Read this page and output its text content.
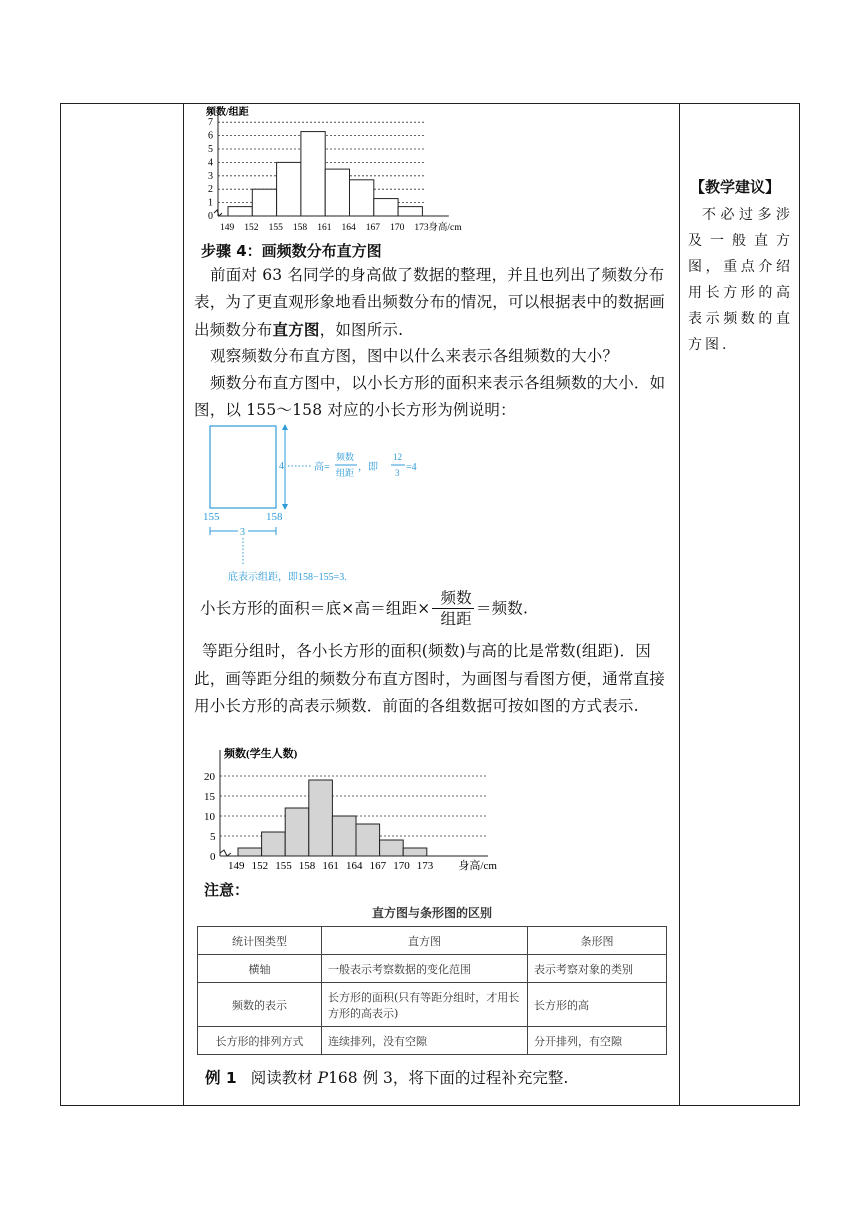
频数/组距
0
1
2
3
4
5
6
7
149 152 155 158 161 164 167 170 173 身高/cm
步骤 4：画频数分布直方图
前面对 63 名同学的身高做了数据的整理，并且也列出了频数分布表，为了更直观形象地看出频数分布的情况，可以根据表中的数据画出频数分布直方图，如图所示.
观察频数分布直方图，图中以什么来表示各组频数的大小？
频数分布直方图中，以小长方形的面积来表示各组频数的大小．如图，以 155～158 对应的小长方形为例说明：
4	高=
频数
组距 ，即
12
3 =4
155	158
3
底表示组距，即158−155=3.
小长方形的面积＝底×高＝组距× $\frac{\text{频数}}{\text{组距}}$ ＝频数.
等距分组时，各小长方形的面积(频数)与高的比是常数(组距)．因此，画等距分组的频数分布直方图时，为画图与看图方便，通常直接用小长方形的高表示频数．前面的各组数据可按如图的方式表示.
频数(学生人数)
0
5
10
15
20
149 152 155 158 161 164 167 170 173 身高/cm
注意：
直方图与条形图的区别
统计图类型	直方图	条形图
横轴	一般表示考察数据的变化范围	表示考察对象的类别
频数的表示	长方形的面积(只有等距分组时，才用长方形的高表示)	长方形的高
长方形的排列方式	连续排列，没有空隙	分开排列，有空隙
例 1 阅读教材 P168 例 3，将下面的过程补充完整.
【教学建议】
不必过多涉及一般直方图，重点介绍用长方形的高表示频数的直方图.
